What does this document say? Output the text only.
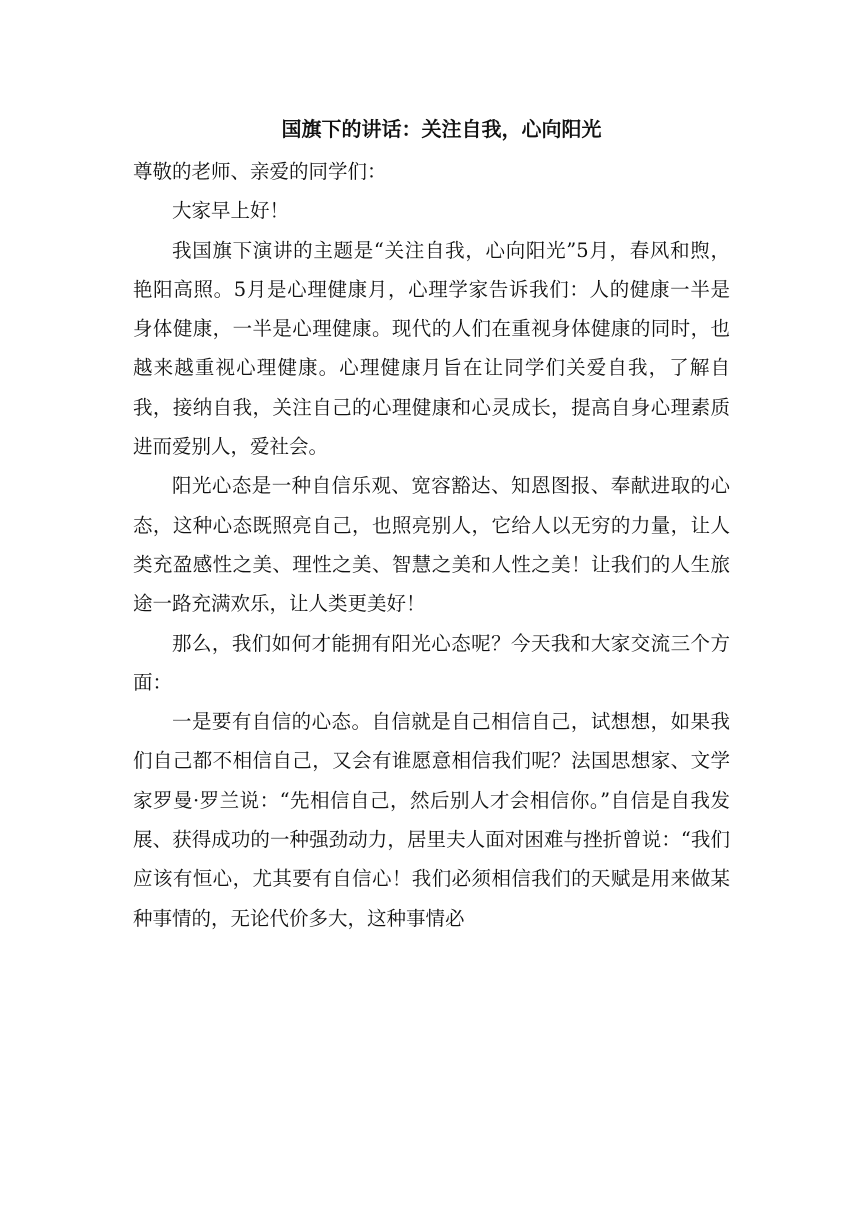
国旗下的讲话：关注自我，心向阳光

尊敬的老师、亲爱的同学们：

大家早上好！

我国旗下演讲的主题是“关注自我，心向阳光”5月，春风和煦，艳阳高照。5月是心理健康月，心理学家告诉我们：人的健康一半是身体健康，一半是心理健康。现代的人们在重视身体健康的同时，也越来越重视心理健康。心理健康月旨在让同学们关爱自我，了解自我，接纳自我，关注自己的心理健康和心灵成长，提高自身心理素质进而爱别人，爱社会。

阳光心态是一种自信乐观、宽容豁达、知恩图报、奉献进取的心态，这种心态既照亮自己，也照亮别人，它给人以无穷的力量，让人类充盈感性之美、理性之美、智慧之美和人性之美！让我们的人生旅途一路充满欢乐，让人类更美好！

那么，我们如何才能拥有阳光心态呢？今天我和大家交流三个方面：

一是要有自信的心态。自信就是自己相信自己，试想想，如果我们自己都不相信自己，又会有谁愿意相信我们呢？法国思想家、文学家罗曼·罗兰说：“先相信自己，然后别人才会相信你。”自信是自我发展、获得成功的一种强劲动力，居里夫人面对困难与挫折曾说：“我们应该有恒心，尤其要有自信心！我们必须相信我们的天赋是用来做某种事情的，无论代价多大，这种事情必
